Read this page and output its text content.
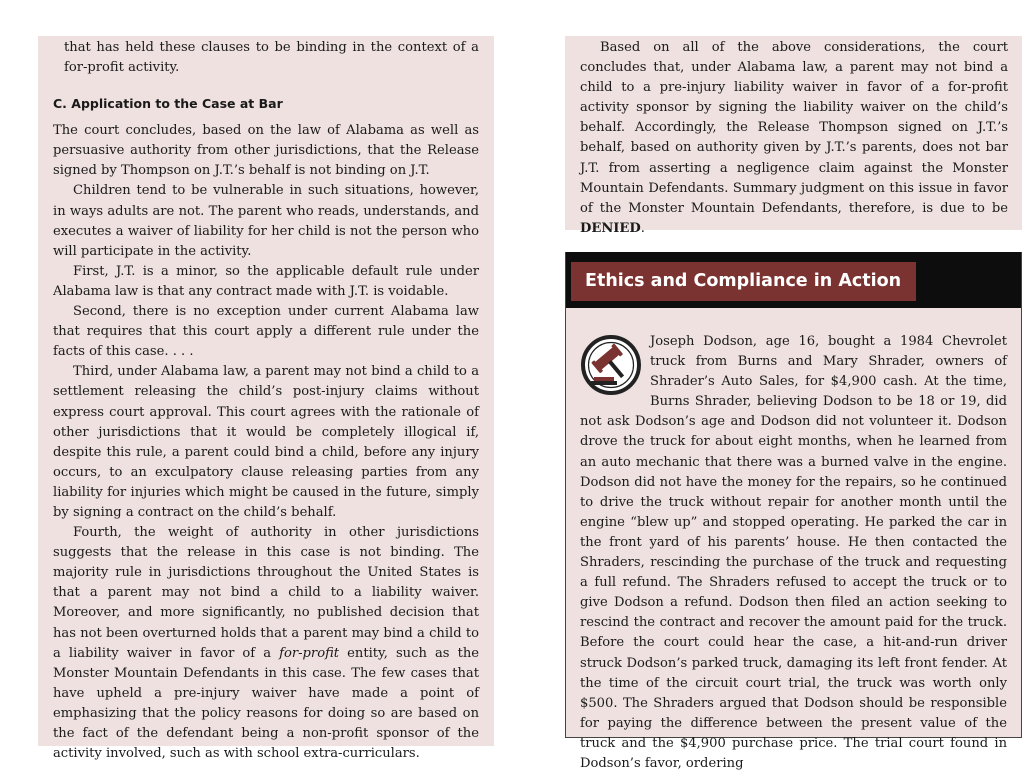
that has held these clauses to be binding in the context of a for-profit activity.

C. Application to the Case at Bar

The court concludes, based on the law of Alabama as well as persuasive authority from other jurisdictions, that the Release signed by Thompson on J.T.’s behalf is not binding on J.T.

Children tend to be vulnerable in such situations, however, in ways adults are not. The parent who reads, understands, and executes a waiver of liability for her child is not the person who will participate in the activity.

First, J.T. is a minor, so the applicable default rule under Alabama law is that any contract made with J.T. is voidable.

Second, there is no exception under current Alabama law that requires that this court apply a different rule under the facts of this case. . . .

Third, under Alabama law, a parent may not bind a child to a settlement releasing the child’s post-injury claims without express court approval. This court agrees with the rationale of other jurisdictions that it would be completely illogical if, despite this rule, a parent could bind a child, before any injury occurs, to an exculpatory clause releasing parties from any liability for injuries which might be caused in the future, simply by signing a contract on the child’s behalf.

Fourth, the weight of authority in other jurisdictions suggests that the release in this case is not binding. The majority rule in jurisdictions throughout the United States is that a parent may not bind a child to a liability waiver. Moreover, and more significantly, no published decision that has not been overturned holds that a parent may bind a child to a liability waiver in favor of a for-profit entity, such as the Monster Mountain Defendants in this case. The few cases that have upheld a pre-injury waiver have made a point of emphasizing that the policy reasons for doing so are based on the fact of the defendant being a non-profit sponsor of the activity involved, such as with school extra-curriculars.

Based on all of the above considerations, the court concludes that, under Alabama law, a parent may not bind a child to a pre-injury liability waiver in favor of a for-profit activity sponsor by signing the liability waiver on the child’s behalf. Accordingly, the Release Thompson signed on J.T.’s behalf, based on authority given by J.T.’s parents, does not bar J.T. from asserting a negligence claim against the Monster Mountain Defendants. Summary judgment on this issue in favor of the Monster Mountain Defendants, therefore, is due to be DENIED.

Ethics and Compliance in Action
Joseph Dodson, age 16, bought a 1984 Chevrolet truck from Burns and Mary Shrader, owners of Shrader’s Auto Sales, for $4,900 cash. At the time, Burns Shrader, believing Dodson to be 18 or 19, did not ask Dodson’s age and Dodson did not volunteer it. Dodson drove the truck for about eight months, when he learned from an auto mechanic that there was a burned valve in the engine. Dodson did not have the money for the repairs, so he continued to drive the truck without repair for another month until the engine “blew up” and stopped operating. He parked the car in the front yard of his parents’ house. He then contacted the Shraders, rescinding the purchase of the truck and requesting a full refund. The Shraders refused to accept the truck or to give Dodson a refund. Dodson then filed an action seeking to rescind the contract and recover the amount paid for the truck. Before the court could hear the case, a hit-and-run driver struck Dodson’s parked truck, damaging its left front fender. At the time of the circuit court trial, the truck was worth only $500. The Shraders argued that Dodson should be responsible for paying the difference between the present value of the truck and the $4,900 purchase price. The trial court found in Dodson’s favor, ordering
